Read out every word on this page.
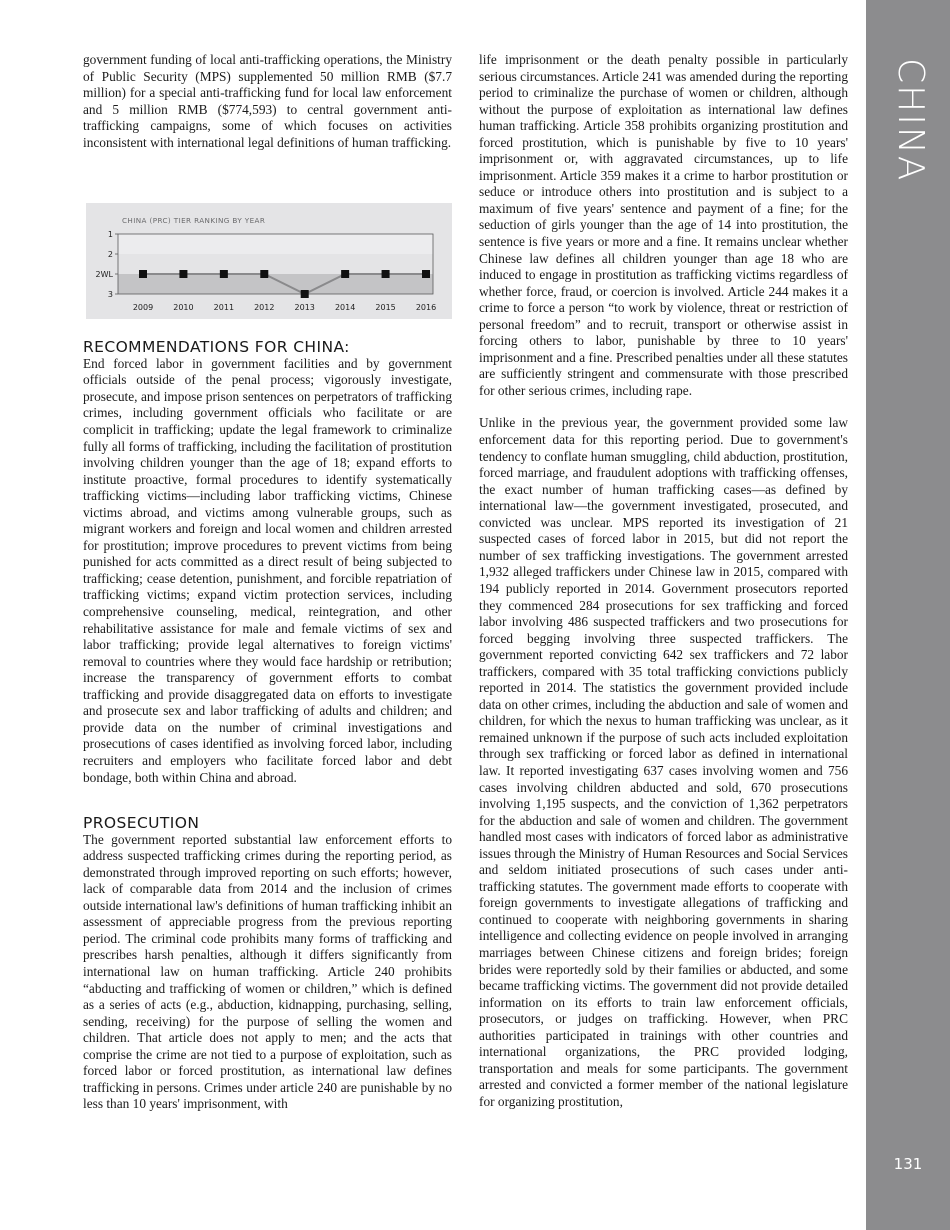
government funding of local anti-trafficking operations, the Ministry of Public Security (MPS) supplemented 50 million RMB ($7.7 million) for a special anti-trafficking fund for local law enforcement and 5 million RMB ($774,593) to central government anti-trafficking campaigns, some of which focuses on activities inconsistent with international legal definitions of human trafficking.

RECOMMENDATIONS FOR CHINA:

End forced labor in government facilities and by government officials outside of the penal process; vigorously investigate, prosecute, and impose prison sentences on perpetrators of trafficking crimes, including government officials who facilitate or are complicit in trafficking; update the legal framework to criminalize fully all forms of trafficking, including the facilitation of prostitution involving children younger than the age of 18; expand efforts to institute proactive, formal procedures to identify systematically trafficking victims—including labor trafficking victims, Chinese victims abroad, and victims among vulnerable groups, such as migrant workers and foreign and local women and children arrested for prostitution; improve procedures to prevent victims from being punished for acts committed as a direct result of being subjected to trafficking; cease detention, punishment, and forcible repatriation of trafficking victims; expand victim protection services, including comprehensive counseling, medical, reintegration, and other rehabilitative assistance for male and female victims of sex and labor trafficking; provide legal alternatives to foreign victims' removal to countries where they would face hardship or retribution; increase the transparency of government efforts to combat trafficking and provide disaggregated data on efforts to investigate and prosecute sex and labor trafficking of adults and children; and provide data on the number of criminal investigations and prosecutions of cases identified as involving forced labor, including recruiters and employers who facilitate forced labor and debt bondage, both within China and abroad.

PROSECUTION

The government reported substantial law enforcement efforts to address suspected trafficking crimes during the reporting period, as demonstrated through improved reporting on such efforts; however, lack of comparable data from 2014 and the inclusion of crimes outside international law's definitions of human trafficking inhibit an assessment of appreciable progress from the previous reporting period. The criminal code prohibits many forms of trafficking and prescribes harsh penalties, although it differs significantly from international law on human trafficking. Article 240 prohibits “abducting and trafficking of women or children,” which is defined as a series of acts (e.g., abduction, kidnapping, purchasing, selling, sending, receiving) for the purpose of selling the women and children. That article does not apply to men; and the acts that comprise the crime are not tied to a purpose of exploitation, such as forced labor or forced prostitution, as international law defines trafficking in persons. Crimes under article 240 are punishable by no less than 10 years' imprisonment, with

life imprisonment or the death penalty possible in particularly serious circumstances. Article 241 was amended during the reporting period to criminalize the purchase of women or children, although without the purpose of exploitation as international law defines human trafficking. Article 358 prohibits organizing prostitution and forced prostitution, which is punishable by five to 10 years' imprisonment or, with aggravated circumstances, up to life imprisonment. Article 359 makes it a crime to harbor prostitution or seduce or introduce others into prostitution and is subject to a maximum of five years' sentence and payment of a fine; for the seduction of girls younger than the age of 14 into prostitution, the sentence is five years or more and a fine. It remains unclear whether Chinese law defines all children younger than age 18 who are induced to engage in prostitution as trafficking victims regardless of whether force, fraud, or coercion is involved. Article 244 makes it a crime to force a person “to work by violence, threat or restriction of personal freedom” and to recruit, transport or otherwise assist in forcing others to labor, punishable by three to 10 years' imprisonment and a fine. Prescribed penalties under all these statutes are sufficiently stringent and commensurate with those prescribed for other serious crimes, including rape.

Unlike in the previous year, the government provided some law enforcement data for this reporting period. Due to government's tendency to conflate human smuggling, child abduction, prostitution, forced marriage, and fraudulent adoptions with trafficking offenses, the exact number of human trafficking cases—as defined by international law—the government investigated, prosecuted, and convicted was unclear. MPS reported its investigation of 21 suspected cases of forced labor in 2015, but did not report the number of sex trafficking investigations. The government arrested 1,932 alleged traffickers under Chinese law in 2015, compared with 194 publicly reported in 2014. Government prosecutors reported they commenced 284 prosecutions for sex trafficking and forced labor involving 486 suspected traffickers and two prosecutions for forced begging involving three suspected traffickers. The government reported convicting 642 sex traffickers and 72 labor traffickers, compared with 35 total trafficking convictions publicly reported in 2014. The statistics the government provided include data on other crimes, including the abduction and sale of women and children, for which the nexus to human trafficking was unclear, as it remained unknown if the purpose of such acts included exploitation through sex trafficking or forced labor as defined in international law. It reported investigating 637 cases involving women and 756 cases involving children abducted and sold, 670 prosecutions involving 1,195 suspects, and the conviction of 1,362 perpetrators for the abduction and sale of women and children. The government handled most cases with indicators of forced labor as administrative issues through the Ministry of Human Resources and Social Services and seldom initiated prosecutions of such cases under anti-trafficking statutes. The government made efforts to cooperate with foreign governments to investigate allegations of trafficking and continued to cooperate with neighboring governments in sharing intelligence and collecting evidence on people involved in arranging marriages between Chinese citizens and foreign brides; foreign brides were reportedly sold by their families or abducted, and some became trafficking victims. The government did not provide detailed information on its efforts to train law enforcement officials, prosecutors, or judges on trafficking. However, when PRC authorities participated in trainings with other countries and international organizations, the PRC provided lodging, transportation and meals for some participants. The government arrested and convicted a former member of the national legislature for organizing prostitution,

CHINA (PRC) TIER RANKING BY YEAR
1
2
2WL
3
2009	2010	2011	2012	2013	2014	2015	2016
CHINA
131
